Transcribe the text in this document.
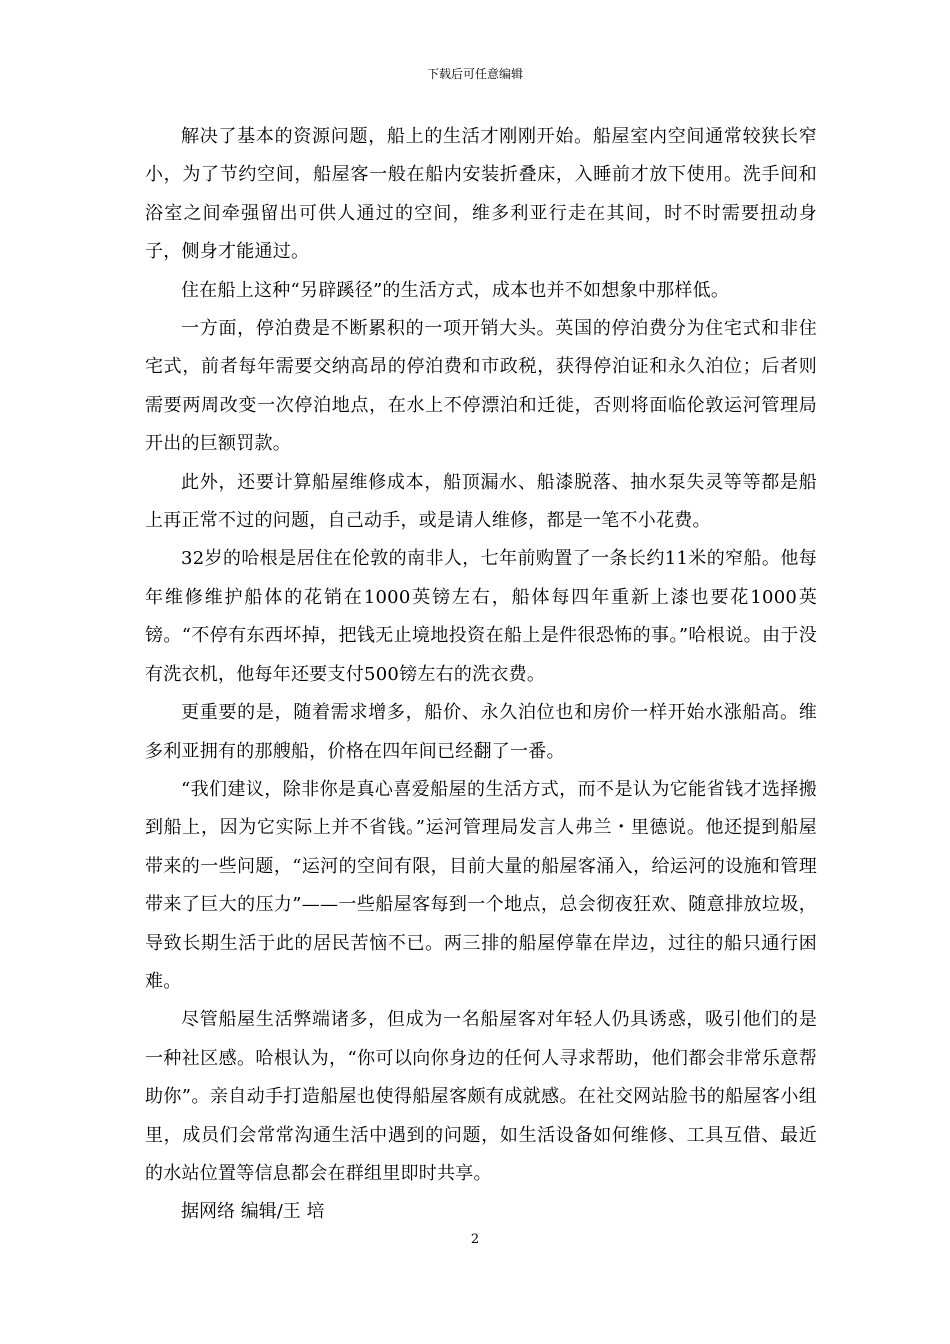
下载后可任意编辑

解决了基本的资源问题，船上的生活才刚刚开始。船屋室内空间通常较狭长窄小，为了节约空间，船屋客一般在船内安装折叠床，入睡前才放下使用。洗手间和浴室之间牵强留出可供人通过的空间，维多利亚行走在其间，时不时需要扭动身子，侧身才能通过。

住在船上这种“另辟蹊径”的生活方式，成本也并不如想象中那样低。

一方面，停泊费是不断累积的一项开销大头。英国的停泊费分为住宅式和非住宅式，前者每年需要交纳高昂的停泊费和市政税，获得停泊证和永久泊位；后者则需要两周改变一次停泊地点，在水上不停漂泊和迁徙，否则将面临伦敦运河管理局开出的巨额罚款。

此外，还要计算船屋维修成本，船顶漏水、船漆脱落、抽水泵失灵等等都是船上再正常不过的问题，自己动手，或是请人维修，都是一笔不小花费。

32岁的哈根是居住在伦敦的南非人，七年前购置了一条长约11米的窄船。他每年维修维护船体的花销在1000英镑左右，船体每四年重新上漆也要花1000英镑。“不停有东西坏掉，把钱无止境地投资在船上是件很恐怖的事。”哈根说。由于没有洗衣机，他每年还要支付500镑左右的洗衣费。

更重要的是，随着需求增多，船价、永久泊位也和房价一样开始水涨船高。维多利亚拥有的那艘船，价格在四年间已经翻了一番。

“我们建议，除非你是真心喜爱船屋的生活方式，而不是认为它能省钱才选择搬到船上，因为它实际上并不省钱。”运河管理局发言人弗兰・里德说。他还提到船屋带来的一些问题，“运河的空间有限，目前大量的船屋客涌入，给运河的设施和管理带来了巨大的压力”——一些船屋客每到一个地点，总会彻夜狂欢、随意排放垃圾，导致长期生活于此的居民苦恼不已。两三排的船屋停靠在岸边，过往的船只通行困难。

尽管船屋生活弊端诸多，但成为一名船屋客对年轻人仍具诱惑，吸引他们的是一种社区感。哈根认为，“你可以向你身边的任何人寻求帮助，他们都会非常乐意帮助你”。亲自动手打造船屋也使得船屋客颇有成就感。在社交网站脸书的船屋客小组里，成员们会常常沟通生活中遇到的问题，如生活设备如何维修、工具互借、最近的水站位置等信息都会在群组里即时共享。

据网络 编辑/王 培

2
